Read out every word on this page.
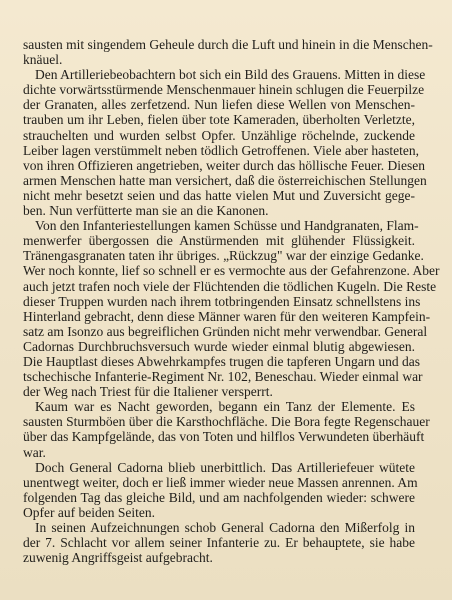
sausten mit singendem Geheule durch die Luft und hinein in die Menschen-
knäuel.

Den Artilleriebeobachtern bot sich ein Bild des Grauens. Mitten in diese
dichte vorwärtsstürmende Menschenmauer hinein schlugen die Feuerpilze
der Granaten, alles zerfetzend. Nun liefen diese Wellen von Menschen-
trauben um ihr Leben, fielen über tote Kameraden, überholten Verletzte,
strauchelten und wurden selbst Opfer. Unzählige röchelnde, zuckende
Leiber lagen verstümmelt neben tödlich Getroffenen. Viele aber hasteten,
von ihren Offizieren angetrieben, weiter durch das höllische Feuer. Diesen
armen Menschen hatte man versichert, daß die österreichischen Stellungen
nicht mehr besetzt seien und das hatte vielen Mut und Zuversicht gege-
ben. Nun verfütterte man sie an die Kanonen.

Von den Infanteriestellungen kamen Schüsse und Handgranaten, Flam-
menwerfer übergossen die Anstürmenden mit glühender Flüssigkeit.
Tränengasgranaten taten ihr übriges. „Rückzug" war der einzige Gedanke.
Wer noch konnte, lief so schnell er es vermochte aus der Gefahrenzone. Aber
auch jetzt trafen noch viele der Flüchtenden die tödlichen Kugeln. Die Reste
dieser Truppen wurden nach ihrem totbringenden Einsatz schnellstens ins
Hinterland gebracht, denn diese Männer waren für den weiteren Kampfein-
satz am Isonzo aus begreiflichen Gründen nicht mehr verwendbar. General
Cadornas Durchbruchsversuch wurde wieder einmal blutig abgewiesen.
Die Hauptlast dieses Abwehrkampfes trugen die tapferen Ungarn und das
tschechische Infanterie-Regiment Nr. 102, Beneschau. Wieder einmal war
der Weg nach Triest für die Italiener versperrt.

Kaum war es Nacht geworden, begann ein Tanz der Elemente. Es
sausten Sturmböen über die Karsthochfläche. Die Bora fegte Regenschauer
über das Kampfgelände, das von Toten und hilflos Verwundeten überhäuft
war.

Doch General Cadorna blieb unerbittlich. Das Artilleriefeuer wütete
unentwegt weiter, doch er ließ immer wieder neue Massen anrennen. Am
folgenden Tag das gleiche Bild, und am nachfolgenden wieder: schwere
Opfer auf beiden Seiten.

In seinen Aufzeichnungen schob General Cadorna den Mißerfolg in
der 7. Schlacht vor allem seiner Infanterie zu. Er behauptete, sie habe
zuwenig Angriffsgeist aufgebracht.
